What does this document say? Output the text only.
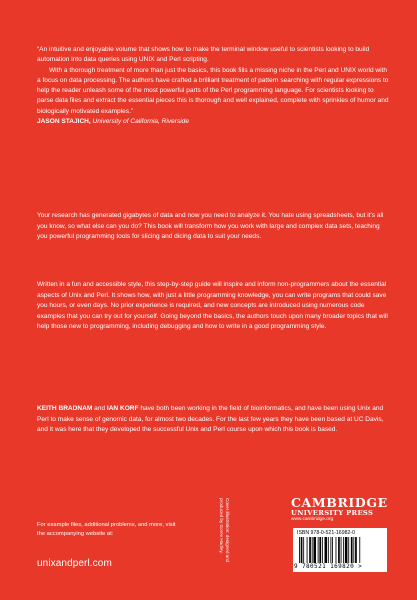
“An intuitive and enjoyable volume that shows how to make the terminal window useful to scientists looking to build automation into data queries using UNIX and Perl scripting.

With a thorough treatment of more than just the basics, this book fills a missing niche in the Perl and UNIX world with a focus on data processing. The authors have crafted a brilliant treatment of pattern searching with regular expressions to help the reader unleash some of the most powerful parts of the Perl programming language. For scientists looking to parse data files and extract the essential pieces this is thorough and well explained, complete with sprinkles of humor and biologically motivated examples.”

JASON STAJICH, University of California, Riverside

Your research has generated gigabytes of data and now you need to analyze it. You hate using spreadsheets, but it's all you know, so what else can you do? This book will transform how you work with large and complex data sets, teaching you powerful programming tools for slicing and dicing data to suit your needs.

Written in a fun and accessible style, this step-by-step guide will inspire and inform non-programmers about the essential aspects of Unix and Perl. It shows how, with just a little programming knowledge, you can write programs that could save you hours, or even days. No prior experience is required, and new concepts are introduced using numerous code examples that you can try out for yourself. Going beyond the basics, the authors touch upon many broader topics that will help those new to programming, including debugging and how to write in a good programming style.

KEITH BRADNAM and IAN KORF have both been working in the field of bioinformatics, and have been using Unix and Perl to make sense of genomic data, for almost two decades. For the last few years they have been based at UC Davis, and it was here that they developed the successful Unix and Perl course upon which this book is based.

For example files, additional problems, and more, visit the accompanying website at:

unixandperl.com

Cover illustration: designed and
produced by Gorev Hadley.	CAMBRIDGE
UNIVERSITY PRESS
www.cambridge.org
ISBN 978-0-521-16982-0
9 780521 169820 >
